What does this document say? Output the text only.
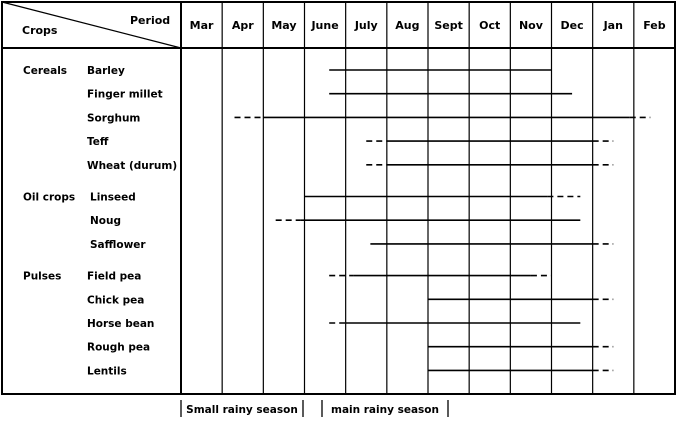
Period
Crops	Mar Apr May June July Aug Sept Oct Nov Dec Jan Feb
Cereals Barley
Finger millet
Sorghum
Teff
Wheat (durum)
Oil crops Linseed
Noug
Safflower
Pulses Field pea
Chick pea
Horse bean
Rough pea
Lentils
Small rainy season	main rainy season
